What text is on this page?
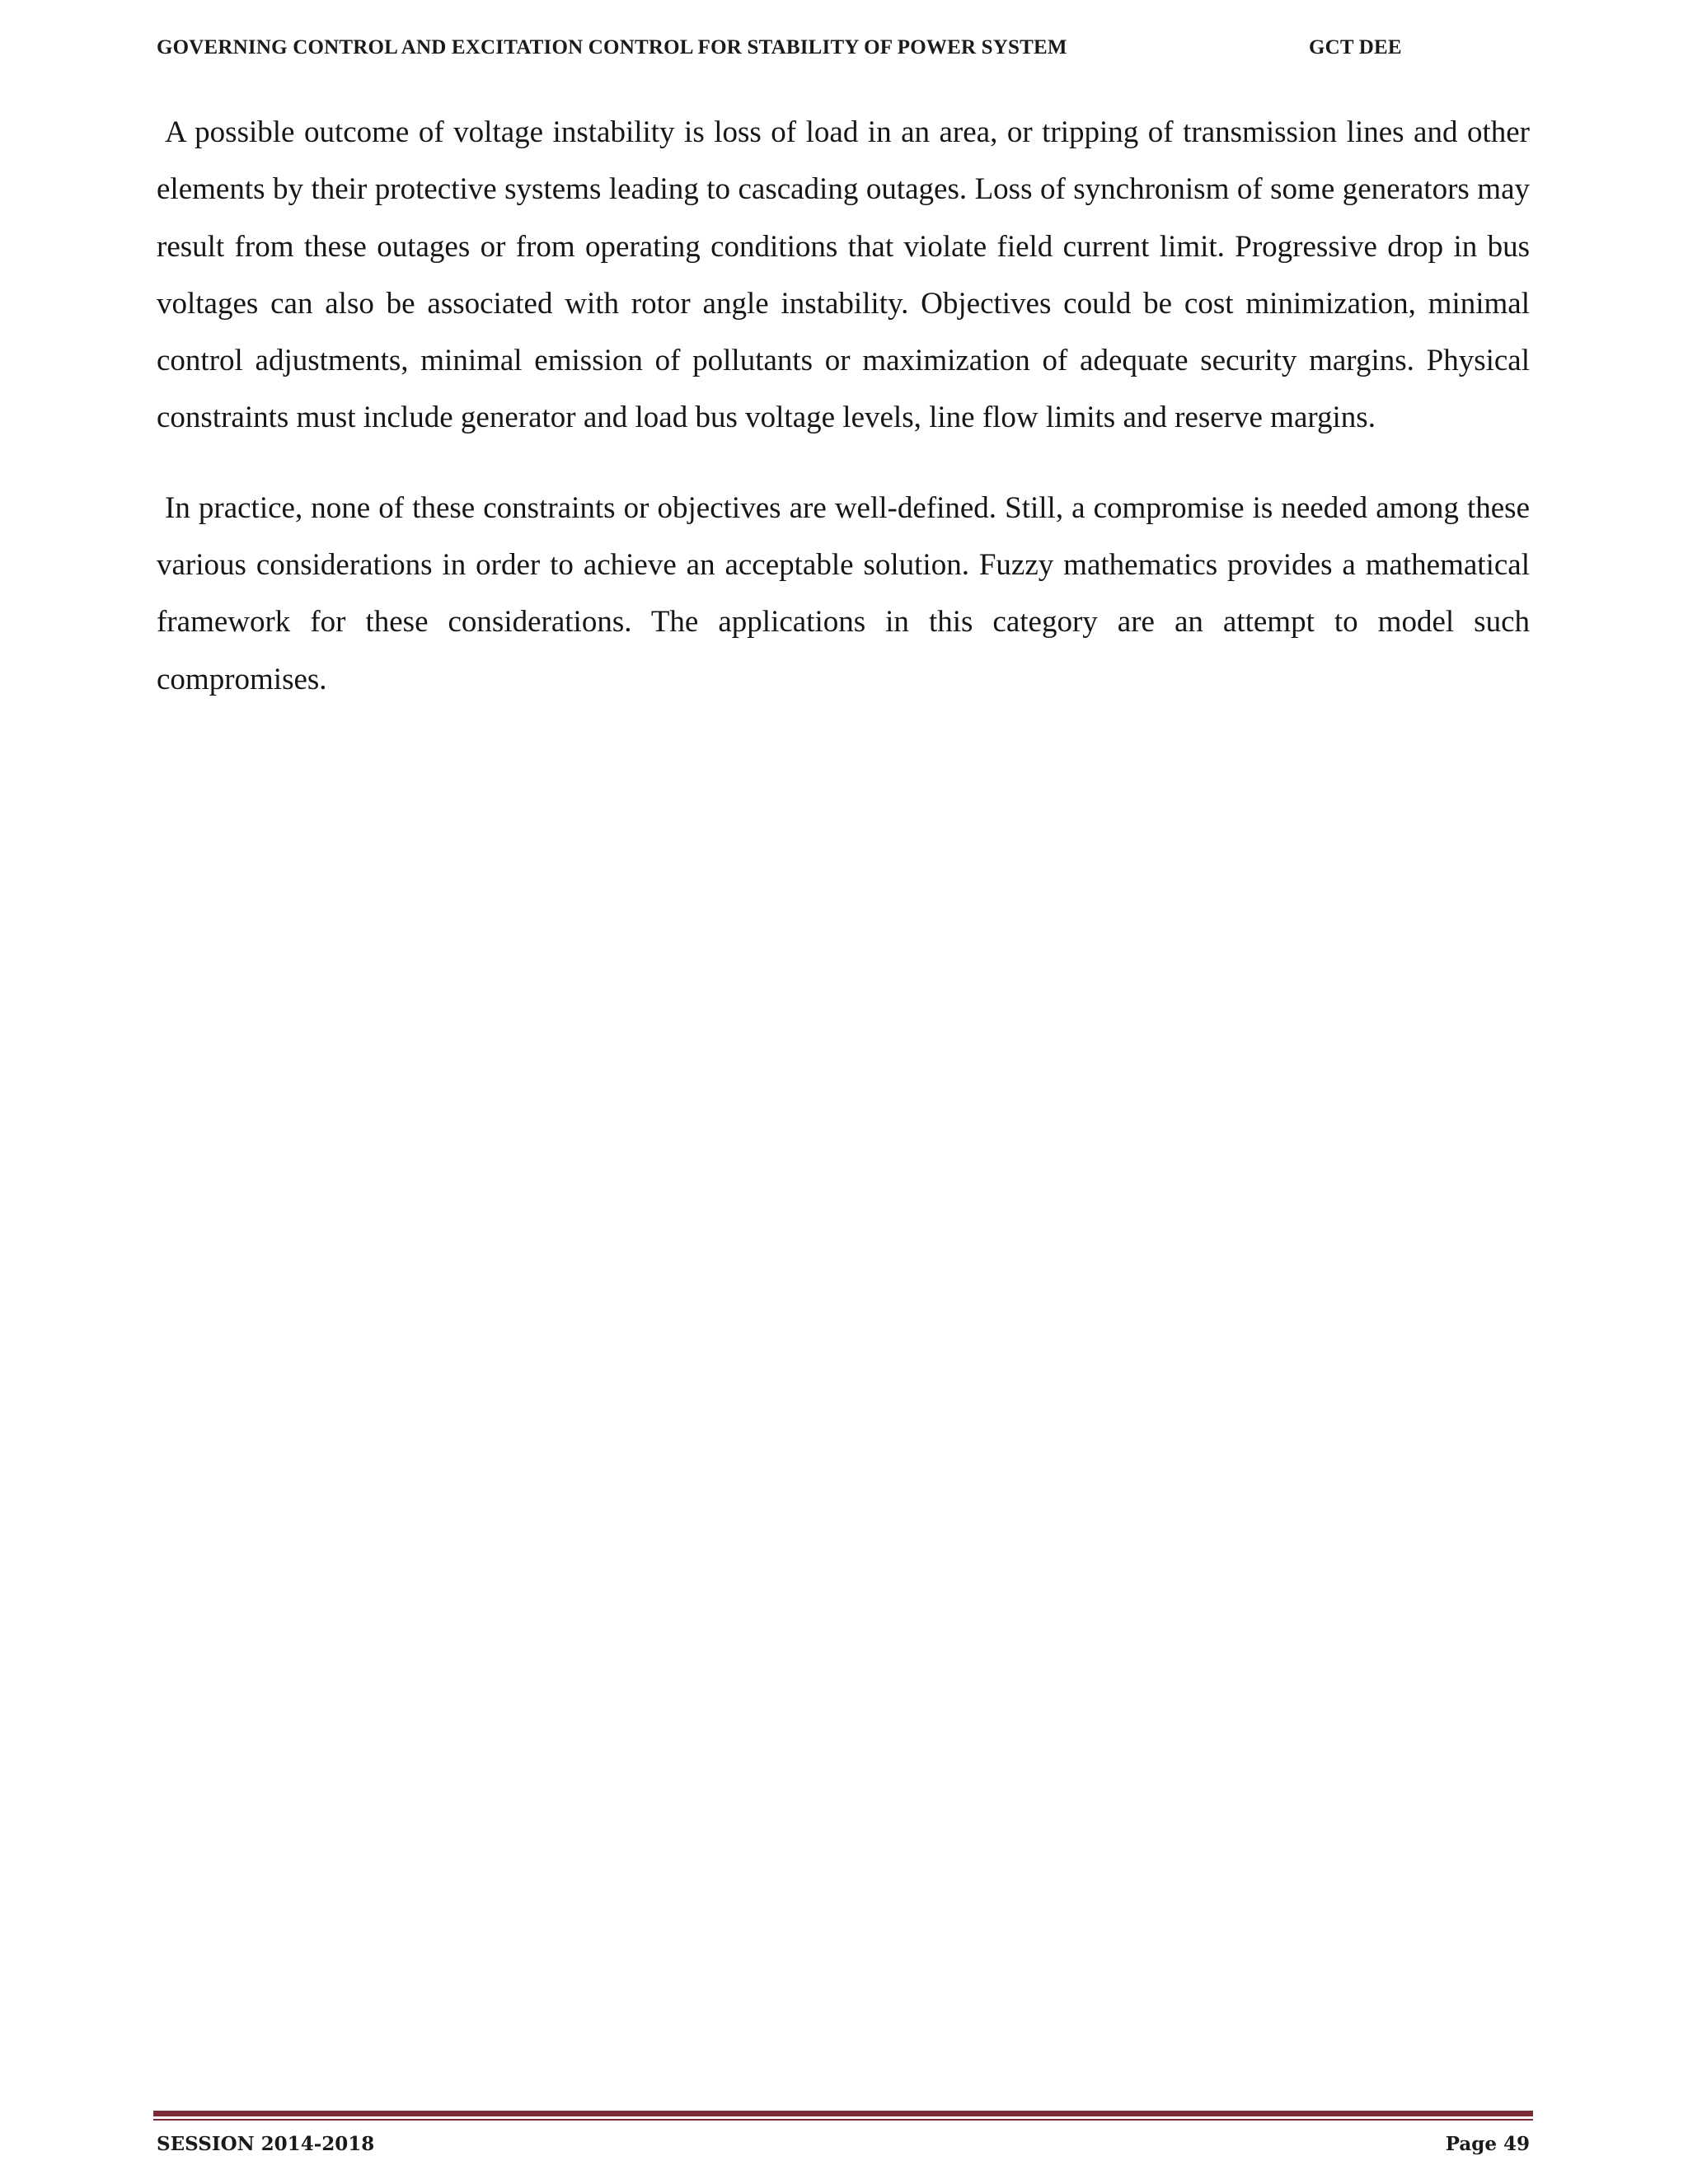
GOVERNING CONTROL AND EXCITATION CONTROL FOR STABILITY OF POWER SYSTEM	GCT DEE

A possible outcome of voltage instability is loss of load in an area, or tripping of transmission lines and other elements by their protective systems leading to cascading outages. Loss of synchronism of some generators may result from these outages or from operating conditions that violate field current limit. Progressive drop in bus voltages can also be associated with rotor angle instability. Objectives could be cost minimization, minimal control adjustments, minimal emission of pollutants or maximization of adequate security margins. Physical constraints must include generator and load bus voltage levels, line flow limits and reserve margins.

In practice, none of these constraints or objectives are well-defined. Still, a compromise is needed among these various considerations in order to achieve an acceptable solution. Fuzzy mathematics provides a mathematical framework for these considerations. The applications in this category are an attempt to model such compromises.

SESSION 2014-2018	Page 49
